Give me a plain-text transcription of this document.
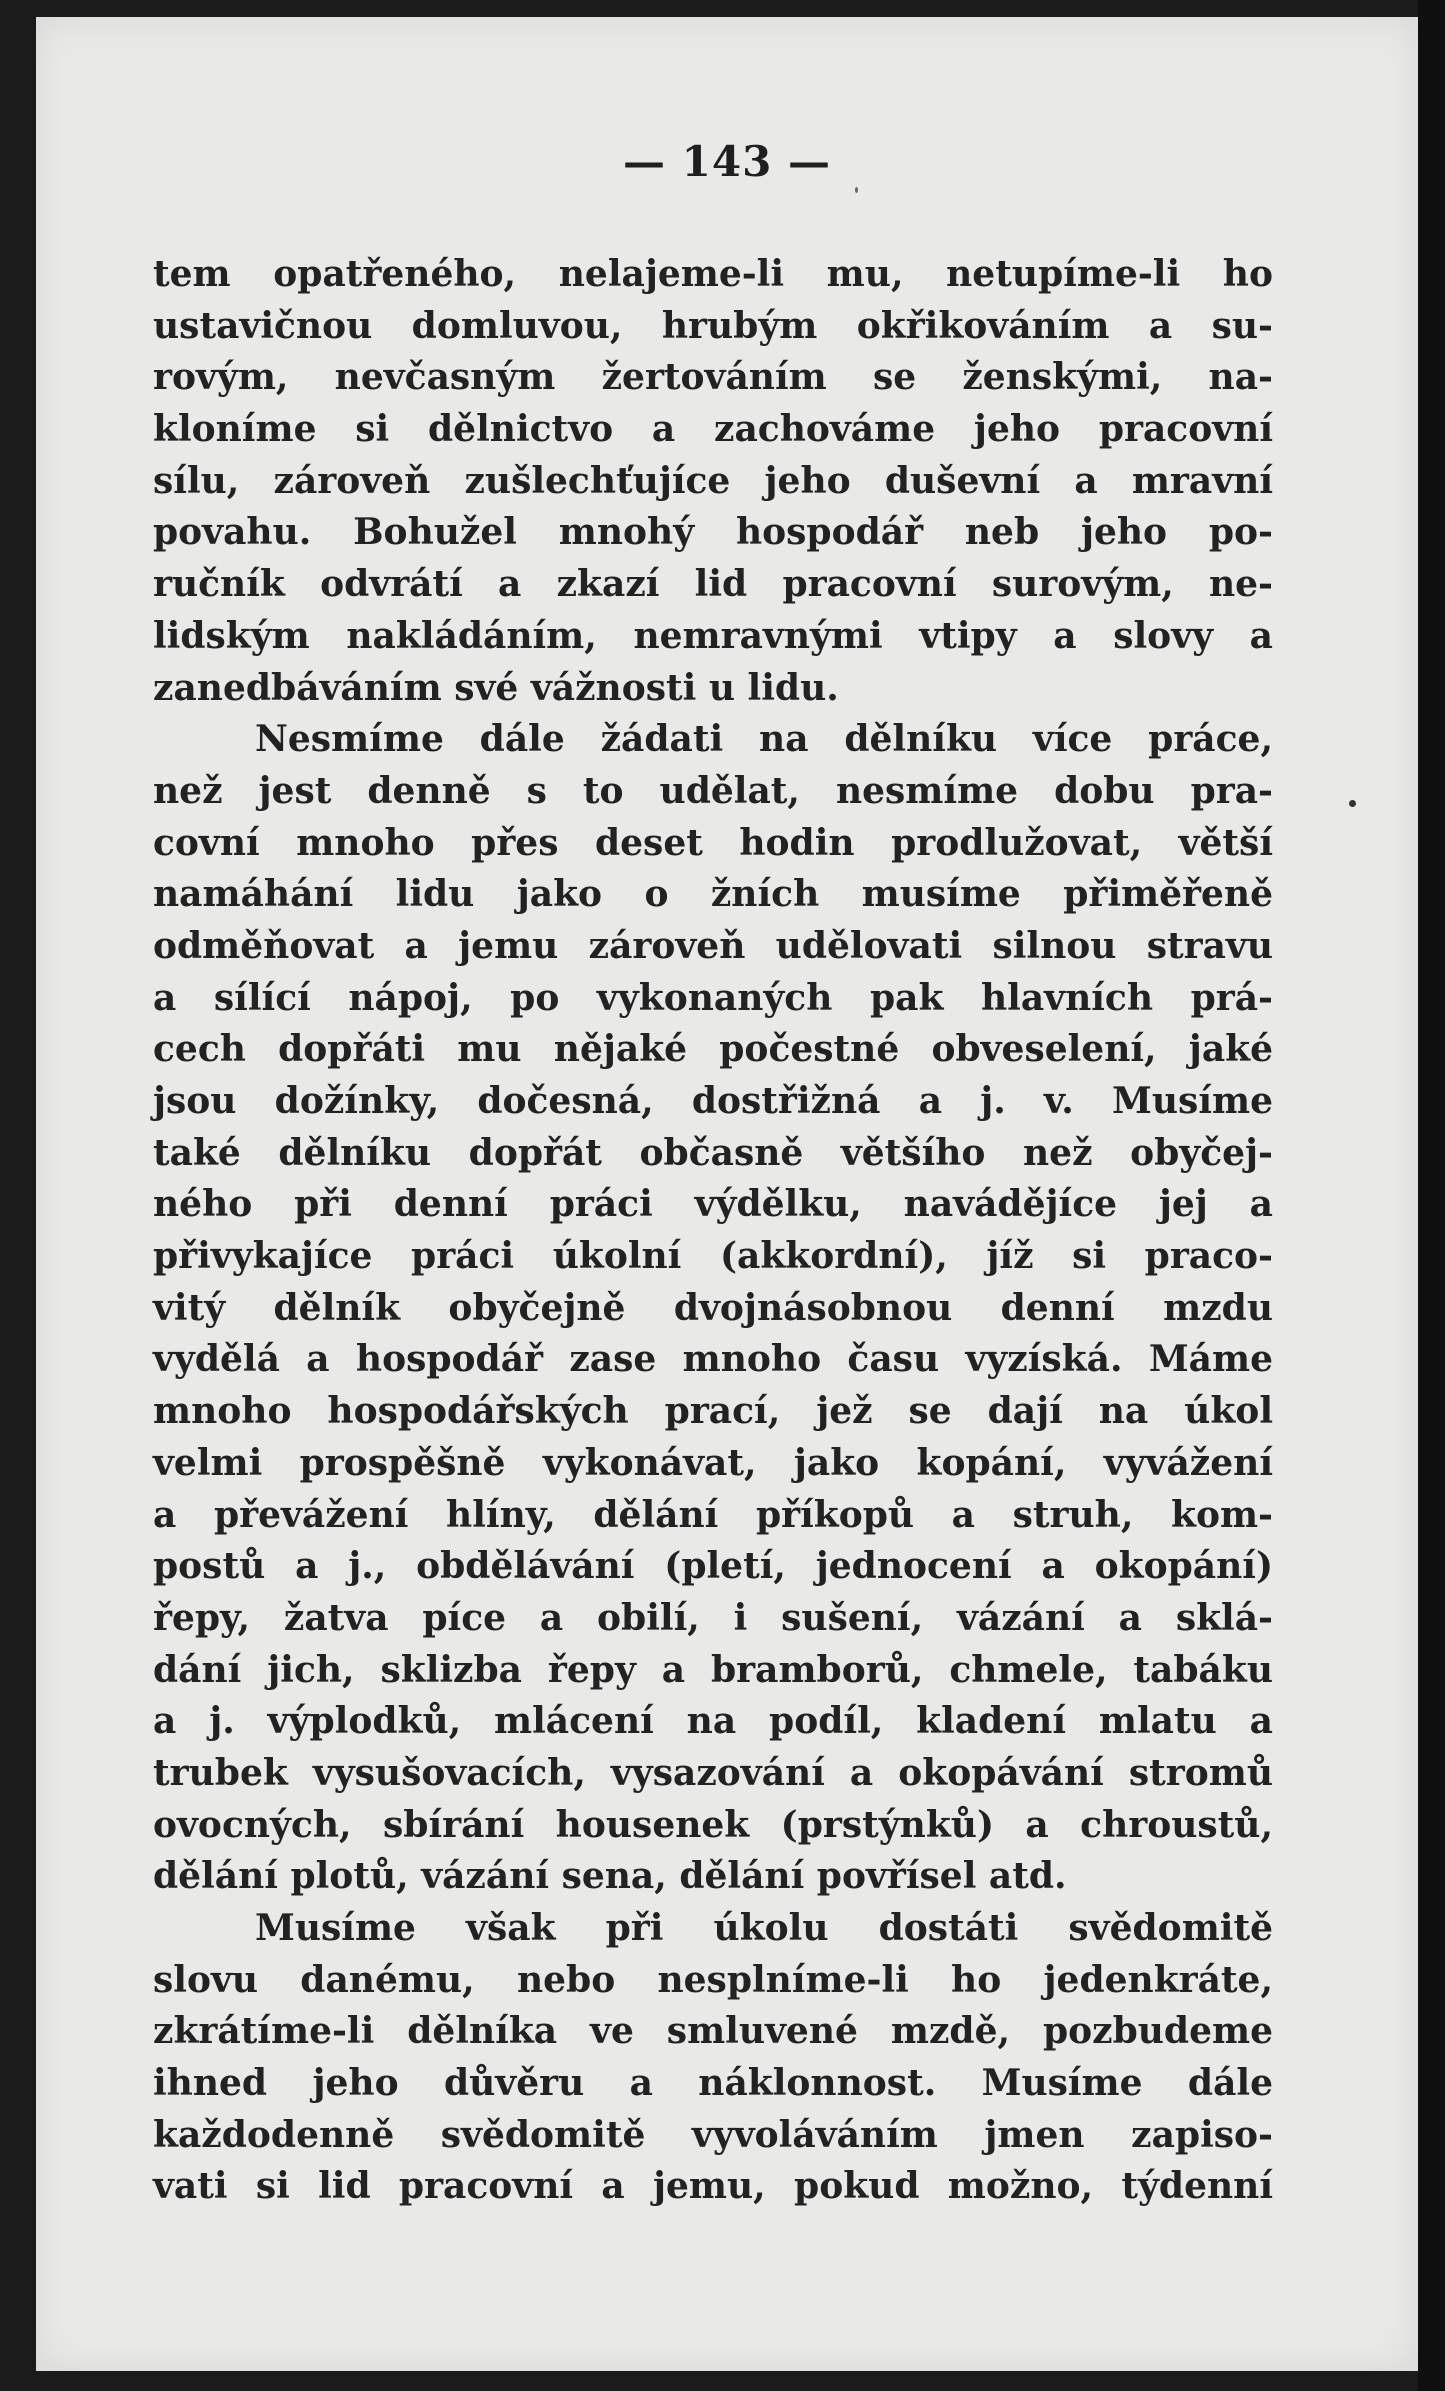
— 143 —
tem opatřeného, nelajeme-li mu, netupíme-li ho
ustavičnou domluvou, hrubým okřikováním a su-
rovým, nevčasným žertováním se ženskými, na-
kloníme si dělnictvo a zachováme jeho pracovní
sílu, zároveň zušlechťujíce jeho duševní a mravní
povahu. Bohužel mnohý hospodář neb jeho po-
ručník odvrátí a zkazí lid pracovní surovým, ne-
lidským nakládáním, nemravnými vtipy a slovy a
zanedbáváním své vážnosti u lidu.
Nesmíme dále žádati na dělníku více práce,
než jest denně s to udělat, nesmíme dobu pra-
covní mnoho přes deset hodin prodlužovat, větší
namáhání lidu jako o žních musíme přiměřeně
odměňovat a jemu zároveň udělovati silnou stravu
a sílící nápoj, po vykonaných pak hlavních prá-
cech dopřáti mu nějaké počestné obveselení, jaké
jsou dožínky, dočesná, dostřižná a j. v. Musíme
také dělníku dopřát občasně většího než obyčej-
ného při denní práci výdělku, navádějíce jej a
přivykajíce práci úkolní (akkordní), jíž si praco-
vitý dělník obyčejně dvojnásobnou denní mzdu
vydělá a hospodář zase mnoho času vyzíská. Máme
mnoho hospodářských prací, jež se dají na úkol
velmi prospěšně vykonávat, jako kopání, vyvážení
a převážení hlíny, dělání příkopů a struh, kom-
postů a j., obdělávání (pletí, jednocení a okopání)
řepy, žatva píce a obilí, i sušení, vázání a sklá-
dání jich, sklizba řepy a bramborů, chmele, tabáku
a j. výplodků, mlácení na podíl, kladení mlatu a
trubek vysušovacích, vysazování a okopávání stromů
ovocných, sbírání housenek (prstýnků) a chroustů,
dělání plotů, vázání sena, dělání povřísel atd.
Musíme však při úkolu dostáti svědomitě
slovu danému, nebo nesplníme-li ho jedenkráte,
zkrátíme-li dělníka ve smluvené mzdě, pozbudeme
ihned jeho důvěru a náklonnost. Musíme dále
každodenně svědomitě vyvoláváním jmen zapiso-
vati si lid pracovní a jemu, pokud možno, týdenní
